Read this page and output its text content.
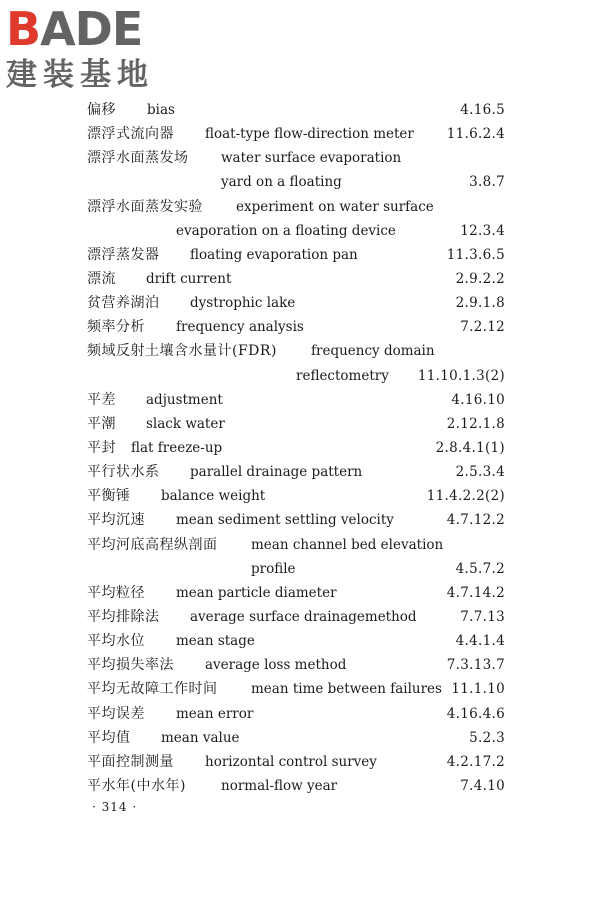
BADE
建装基地
偏移 bias	4.16.5
漂浮式流向器 float-type flow-direction meter 11.6.2.4
漂浮水面蒸发场 water surface evaporation
yard on a floating	3.8.7
漂浮水面蒸发实验 experiment on water surface
evaporation on a floating device	12.3.4
漂浮蒸发器 floating evaporation pan	11.3.6.5
漂流 drift current	2.9.2.2
贫营养湖泊 dystrophic lake	2.9.1.8
频率分析 frequency analysis	7.2.12
频域反射土壤含水量计(FDR)	frequency domain
reflectometry 11.10.1.3(2)
平差 adjustment	4.16.10
平潮 slack water	2.12.1.8
平封 flat freeze-up	2.8.4.1(1)
平行状水系 parallel drainage pattern	2.5.3.4
平衡锤 balance weight	11.4.2.2(2)
平均沉速 mean sediment settling velocity	4.7.12.2
平均河底高程纵剖面 mean channel bed elevation
profile	4.5.7.2
平均粒径 mean particle diameter	4.7.14.2
平均排除法 average surface drainagemethod	7.7.13
平均水位 mean stage	4.4.1.4
平均损失率法 average loss method	7.3.13.7
平均无故障工作时间 mean time between failures 11.1.10
平均误差 mean error	4.16.4.6
平均值 mean value	5.2.3
平面控制测量 horizontal control survey	4.2.17.2
平水年(中水年)	normal-flow year	7.4.10
· 314 ·
